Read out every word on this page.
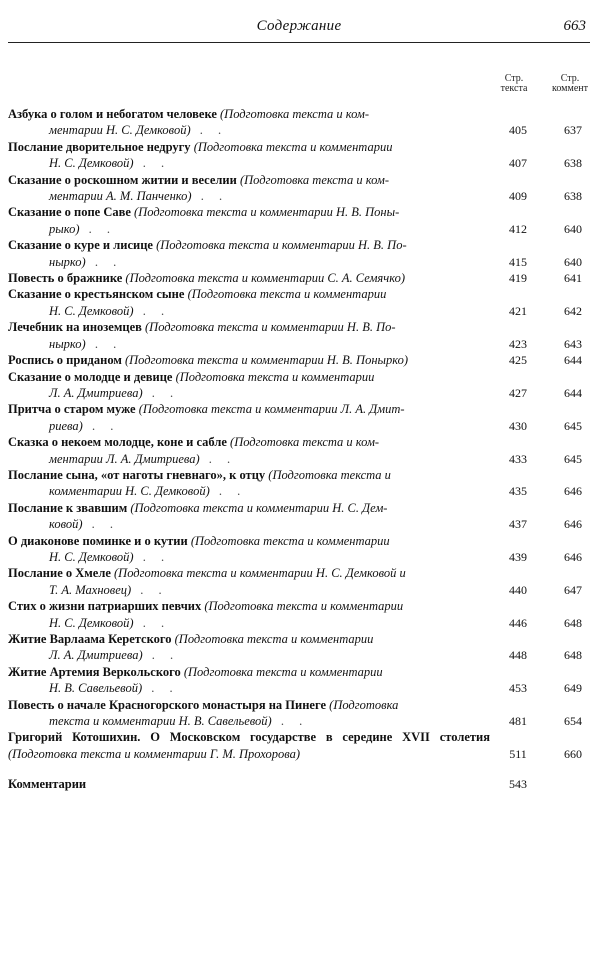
Содержание	663
Стр.
текста
Стр.
коммент
Азбука о голом и небогатом человеке (Подготовка текста и ком-
ментарии Н. С. Демковой) . .	405	637
Послание дворительное недругу (Подготовка текста и комментарии
Н. С. Демковой) . .	407	638
Сказание о роскошном житии и веселии (Подготовка текста и ком-
ментарии А. М. Панченко) . .	409	638
Сказание о попе Саве (Подготовка текста и комментарии Н. В. Поны-
рыко) . .	412	640
Сказание о куре и лисице (Подготовка текста и комментарии Н. В. По-
нырко) . .	415	640
Повесть о бражнике (Подготовка текста и комментарии С. А. Семячко)	419	641
Сказание о крестьянском сыне (Подготовка текста и комментарии
Н. С. Демковой) . .	421	642
Лечебник на иноземцев (Подготовка текста и комментарии Н. В. По-
нырко) . .	423	643
Роспись о приданом (Подготовка текста и комментарии Н. В. Понырко)	425	644
Сказание о молодце и девице (Подготовка текста и комментарии
Л. А. Дмитриева) . .	427	644
Притча о старом муже (Подготовка текста и комментарии Л. А. Дмит-
риева) . .	430	645
Сказка о некоем молодце, коне и сабле (Подготовка текста и ком-
ментарии Л. А. Дмитриева) . .	433	645
Послание сына, «от наготы гневнаго», к отцу (Подготовка текста и
комментарии Н. С. Демковой) . .	435	646
Послание к звавшим (Подготовка текста и комментарии Н. С. Дем-
ковой) . .	437	646
О диаконове поминке и о кутии (Подготовка текста и комментарии
Н. С. Демковой) . .	439	646
Послание о Хмеле (Подготовка текста и комментарии Н. С. Демковой и
Т. А. Махновец) . .	440	647
Стих о жизни патриарших певчих (Подготовка текста и комментарии
Н. С. Демковой) . .	446	648
Житие Варлаама Керетского (Подготовка текста и комментарии
Л. А. Дмитриева) . .	448	648
Житие Артемия Веркольского (Подготовка текста и комментарии
Н. В. Савельевой) . .	453	649
Повесть о начале Красногорского монастыря на Пинеге (Подготовка
текста и комментарии Н. В. Савельевой) . .	481	654
Григорий Котошихин. О Московском государстве в середине XVII столетия (Подготовка текста и комментарии Г. М. Прохорова)	511	660
Комментарии	543
